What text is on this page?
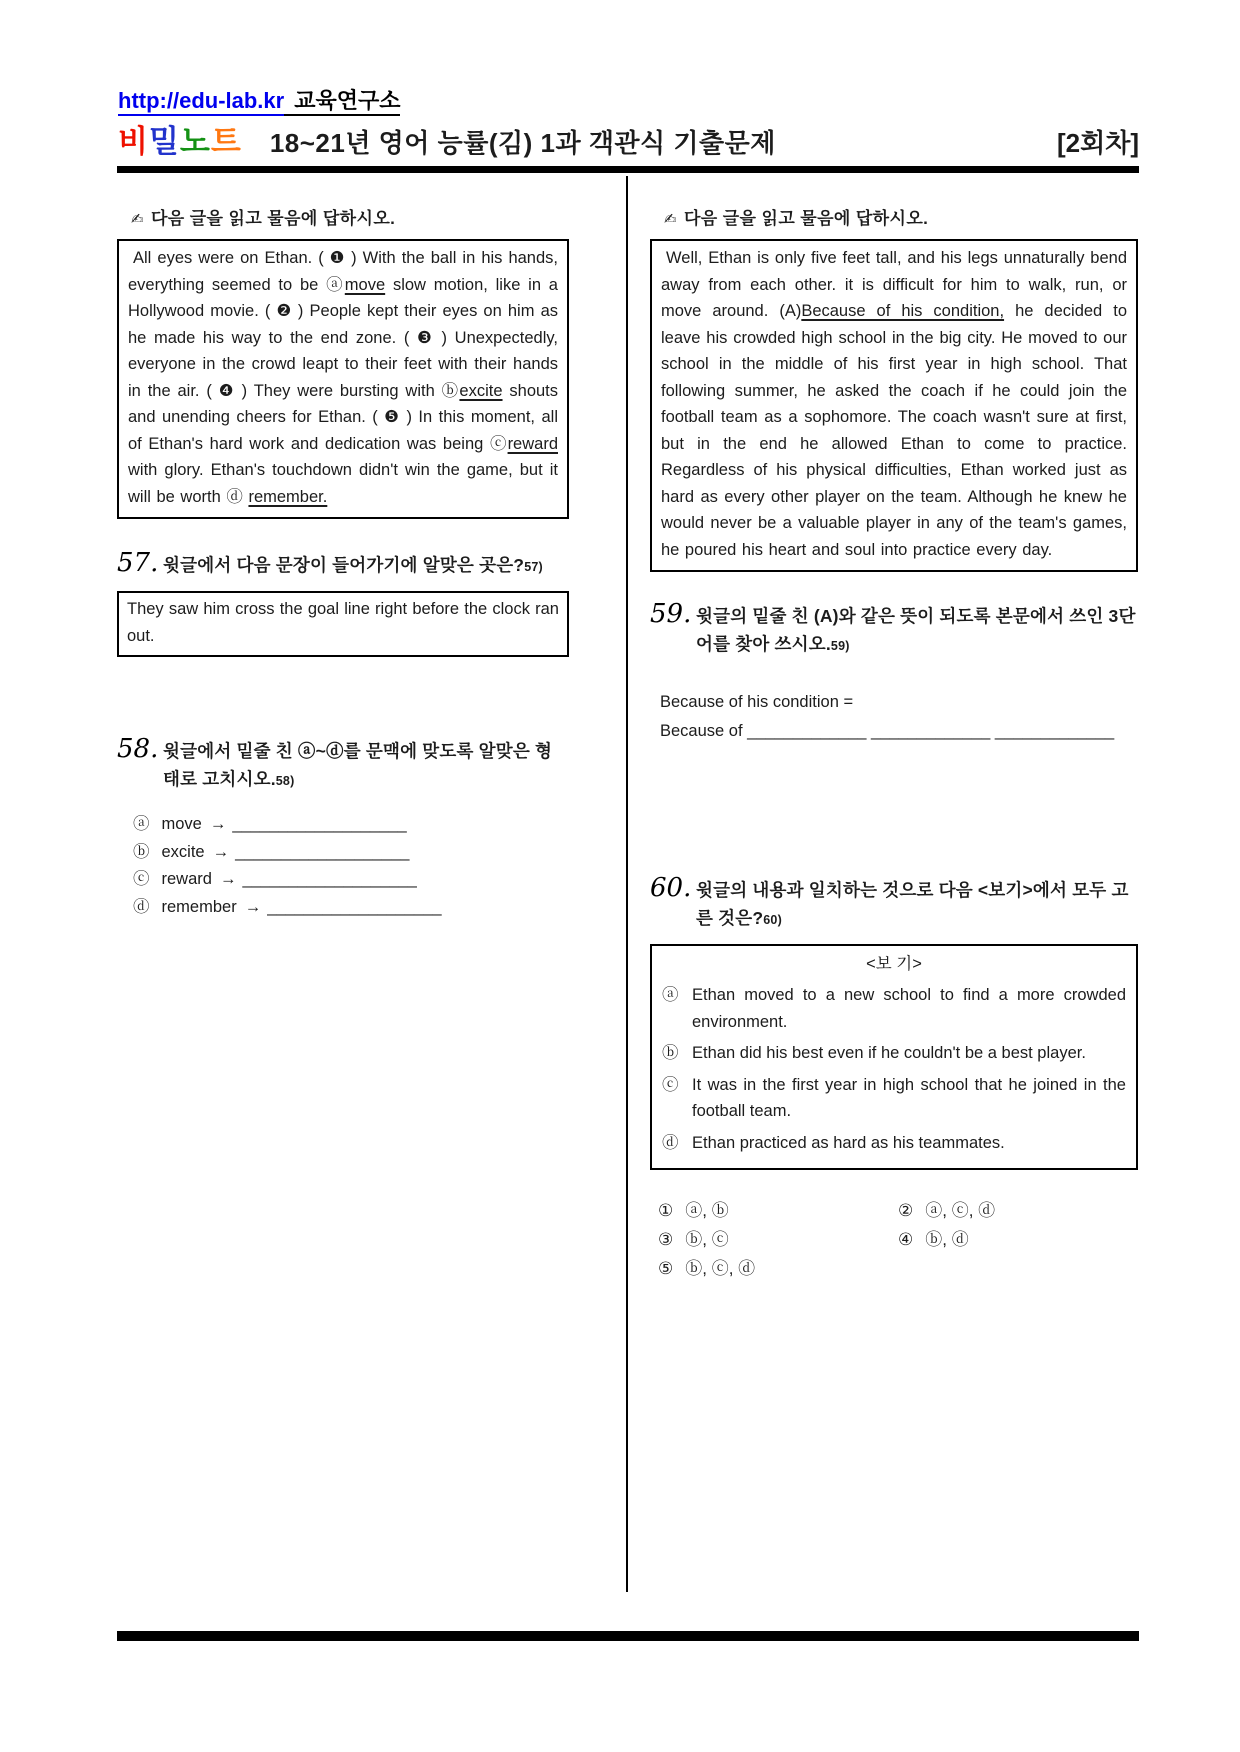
http://edu-lab.kr 교육연구소
비밀노트 18~21년 영어 능률(김) 1과 객관식 기출문제	[2회차]
✍ 다음 글을 읽고 물음에 답하시오.
All eyes were on Ethan. ( ❶ ) With the ball in his hands, everything seemed to be ⓐmove slow motion, like in a Hollywood movie. ( ❷ ) People kept their eyes on him as he made his way to the end zone. ( ❸ ) Unexpectedly, everyone in the crowd leapt to their feet with their hands in the air. ( ❹ ) They were bursting with ⓑexcite shouts and unending cheers for Ethan. ( ❺ ) In this moment, all of Ethan's hard work and dedication was being ⓒreward with glory. Ethan's touchdown didn't win the game, but it will be worth ⓓ remember.
57. 윗글에서 다음 문장이 들어가기에 알맞은 곳은?57)
They saw him cross the goal line right before the clock ran out.
58. 윗글에서 밑줄 친 ⓐ~ⓓ를 문맥에 맞도록 알맞은 형태로 고치시오.58)
ⓐ move → ___________________
ⓑ excite → ___________________
ⓒ reward → ___________________
ⓓ remember → ___________________
✍ 다음 글을 읽고 물음에 답하시오.
Well, Ethan is only five feet tall, and his legs unnaturally bend away from each other. it is difficult for him to walk, run, or move around. (A)Because of his condition, he decided to leave his crowded high school in the big city. He moved to our school in the middle of his first year in high school. That following summer, he asked the coach if he could join the football team as a sophomore. The coach wasn't sure at first, but in the end he allowed Ethan to come to practice. Regardless of his physical difficulties, Ethan worked just as hard as every other player on the team. Although he knew he would never be a valuable player in any of the team's games, he poured his heart and soul into practice every day.
59. 윗글의 밑줄 친 (A)와 같은 뜻이 되도록 본문에서 쓰인 3단어를 찾아 쓰시오.59)
Because of his condition =
Because of _____________ _____________ _____________
60. 윗글의 내용과 일치하는 것으로 다음 <보기>에서 모두 고른 것은?60)
<보 기>
ⓐ Ethan moved to a new school to find a more crowded environment.
ⓑ Ethan did his best even if he couldn't be a best player.
ⓒ It was in the first year in high school that he joined in the football team.
ⓓ Ethan practiced as hard as his teammates.
① ⓐ, ⓑ	② ⓐ, ⓒ, ⓓ
③ ⓑ, ⓒ	④ ⓑ, ⓓ
⑤ ⓑ, ⓒ, ⓓ
